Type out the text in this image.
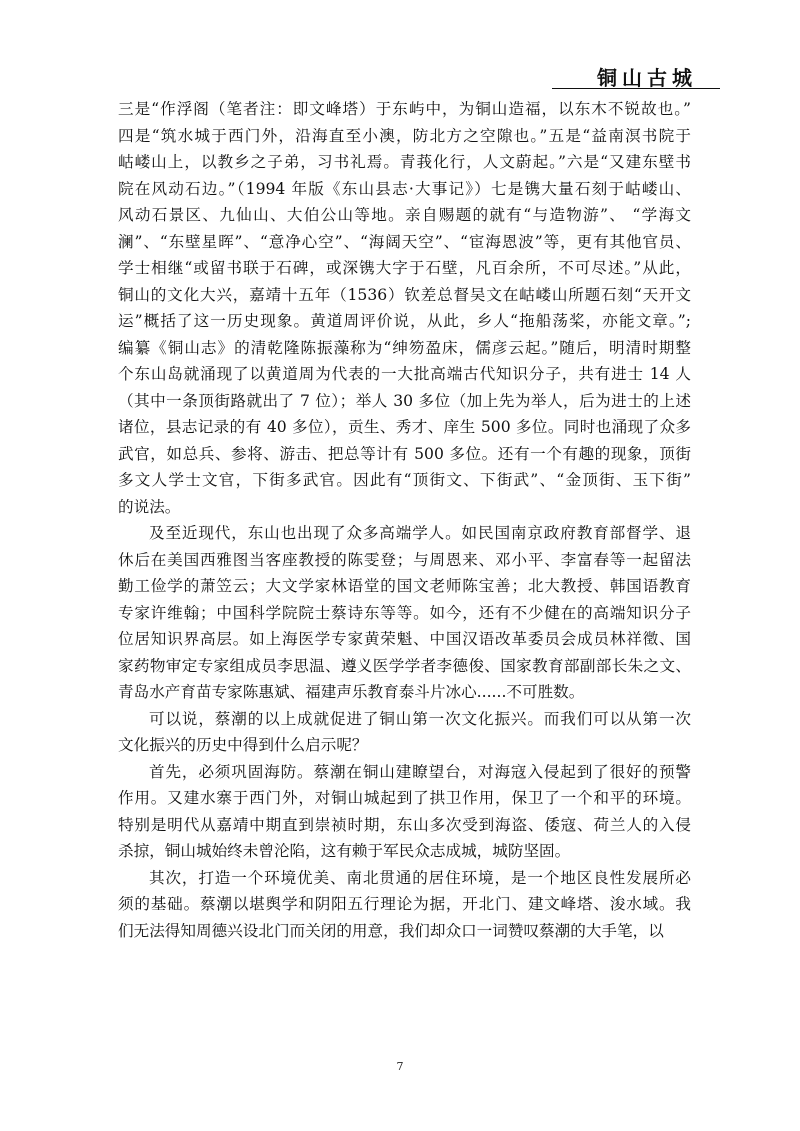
铜山古城
三是“作浮阁（笔者注：即文峰塔）于东屿中，为铜山造福，以东木不锐故也。”
四是“筑水城于西门外，沿海直至小澳，防北方之空隙也。”五是“益南溟书院于
岵嵝山上，以教乡之子弟，习书礼焉。青莪化行，人文蔚起。”六是“又建东壁书
院在风动石边。”（1994 年版《东山县志·大事记》）七是镌大量石刻于岵嵝山、
风动石景区、九仙山、大伯公山等地。亲自赐题的就有“与造物游”、 “学海文
澜”、“东壁星晖”、“意净心空”、“海阔天空”、“宦海恩波”等，更有其他官员、
学士相继“或留书联于石碑，或深镌大字于石壁，凡百余所，不可尽述。”从此，
铜山的文化大兴，嘉靖十五年（1536）钦差总督吴文在岵嵝山所题石刻“天开文
运”概括了这一历史现象。黄道周评价说，从此，乡人“拖船荡桨，亦能文章。”;
编纂《铜山志》的清乾隆陈振藻称为“绅笏盈床，儒彦云起。”随后，明清时期整
个东山岛就涌现了以黄道周为代表的一大批高端古代知识分子，共有进士 14 人
（其中一条顶街路就出了 7 位）；举人 30 多位（加上先为举人，后为进士的上述
诸位，县志记录的有 40 多位），贡生、秀才、庠生 500 多位。同时也涌现了众多
武官，如总兵、参将、游击、把总等计有 500 多位。还有一个有趣的现象，顶街
多文人学士文官，下街多武官。因此有“顶街文、下街武”、“金顶街、玉下街”
的说法。
及至近现代，东山也出现了众多高端学人。如民国南京政府教育部督学、退
休后在美国西雅图当客座教授的陈雯登；与周恩来、邓小平、李富春等一起留法
勤工俭学的萧笠云；大文学家林语堂的国文老师陈宝善；北大教授、韩国语教育
专家许维翰；中国科学院院士蔡诗东等等。如今，还有不少健在的高端知识分子
位居知识界高层。如上海医学专家黄荣魁、中国汉语改革委员会成员林祥徵、国
家药物审定专家组成员李思温、遵义医学学者李德俊、国家教育部副部长朱之文、
青岛水产育苗专家陈惠斌、福建声乐教育泰斗片冰心......不可胜数。
可以说，蔡潮的以上成就促进了铜山第一次文化振兴。而我们可以从第一次
文化振兴的历史中得到什么启示呢？
首先，必须巩固海防。蔡潮在铜山建瞭望台，对海寇入侵起到了很好的预警
作用。又建水寨于西门外，对铜山城起到了拱卫作用，保卫了一个和平的环境。
特别是明代从嘉靖中期直到崇祯时期，东山多次受到海盗、倭寇、荷兰人的入侵
杀掠，铜山城始终未曾沦陷，这有赖于军民众志成城，城防坚固。
其次，打造一个环境优美、南北贯通的居住环境，是一个地区良性发展所必
须的基础。蔡潮以堪舆学和阴阳五行理论为据，开北门、建文峰塔、浚水域。我
们无法得知周德兴设北门而关闭的用意，我们却众口一词赞叹蔡潮的大手笔，以
7
